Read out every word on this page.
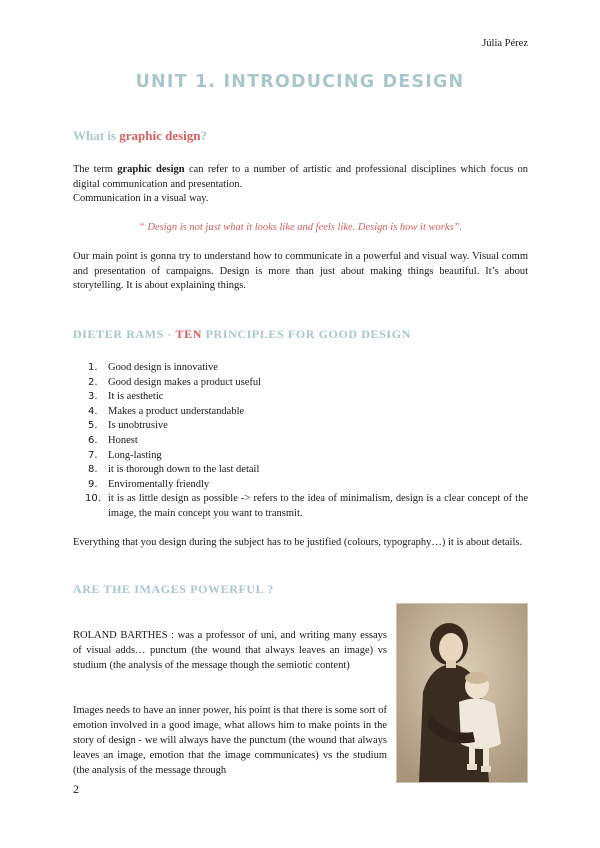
Júlia Pérez
UNIT 1. INTRODUCING DESIGN
What is graphic design?
The term graphic design can refer to a number of artistic and professional disciplines which focus on digital communication and presentation.
Communication in a visual way.
“ Design is not just what it looks like and feels like. Design is how it works”.
Our main point is gonna try to understand how to communicate in a powerful and visual way. Visual comm and presentation of campaigns. Design is more than just about making things beautiful. It’s about storytelling. It is about explaining things.
DIETER RAMS - TEN PRINCIPLES FOR GOOD DESIGN
1. Good design is innovative
2. Good design makes a product useful
3. It is aesthetic
4. Makes a product understandable
5. Is unobtrusive
6. Honest
7. Long-lasting
8. it is thorough down to the last detail
9. Enviromentally friendly
10. it is as little design as possible -> refers to the idea of minimalism, design is a clear concept of the image, the main concept you want to transmit.
Everything that you design during the subject has to be justified (colours, typography…) it is about details.
ARE THE IMAGES POWERFUL ?
ROLAND BARTHES : was a professor of uni, and writing many essays of visual adds… punctum (the wound that always leaves an image) vs studium (the analysis of the message though the semiotic content)
Images needs to have an inner power, his point is that there is some sort of emotion involved in a good image, what allows him to make points in the story of design - we will always have the punctum (the wound that always leaves an image, emotion that the image communicates) vs the studium (the analysis of the message through
2
